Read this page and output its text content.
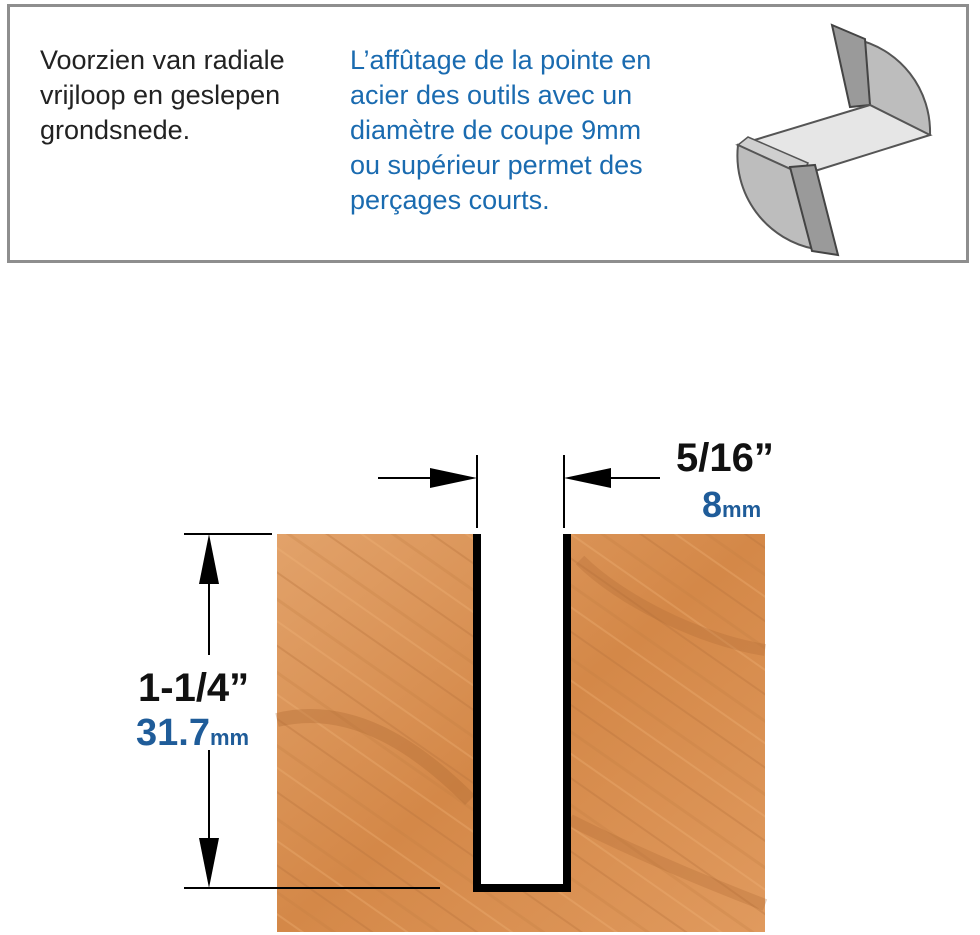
Voorzien van radiale
vrijloop en geslepen
grondsnede.
L’affûtage de la pointe en
acier des outils avec un
diamètre de coupe 9mm
ou supérieur permet des
perçages courts.
5/16”
8mm
1-1/4”
31.7mm
